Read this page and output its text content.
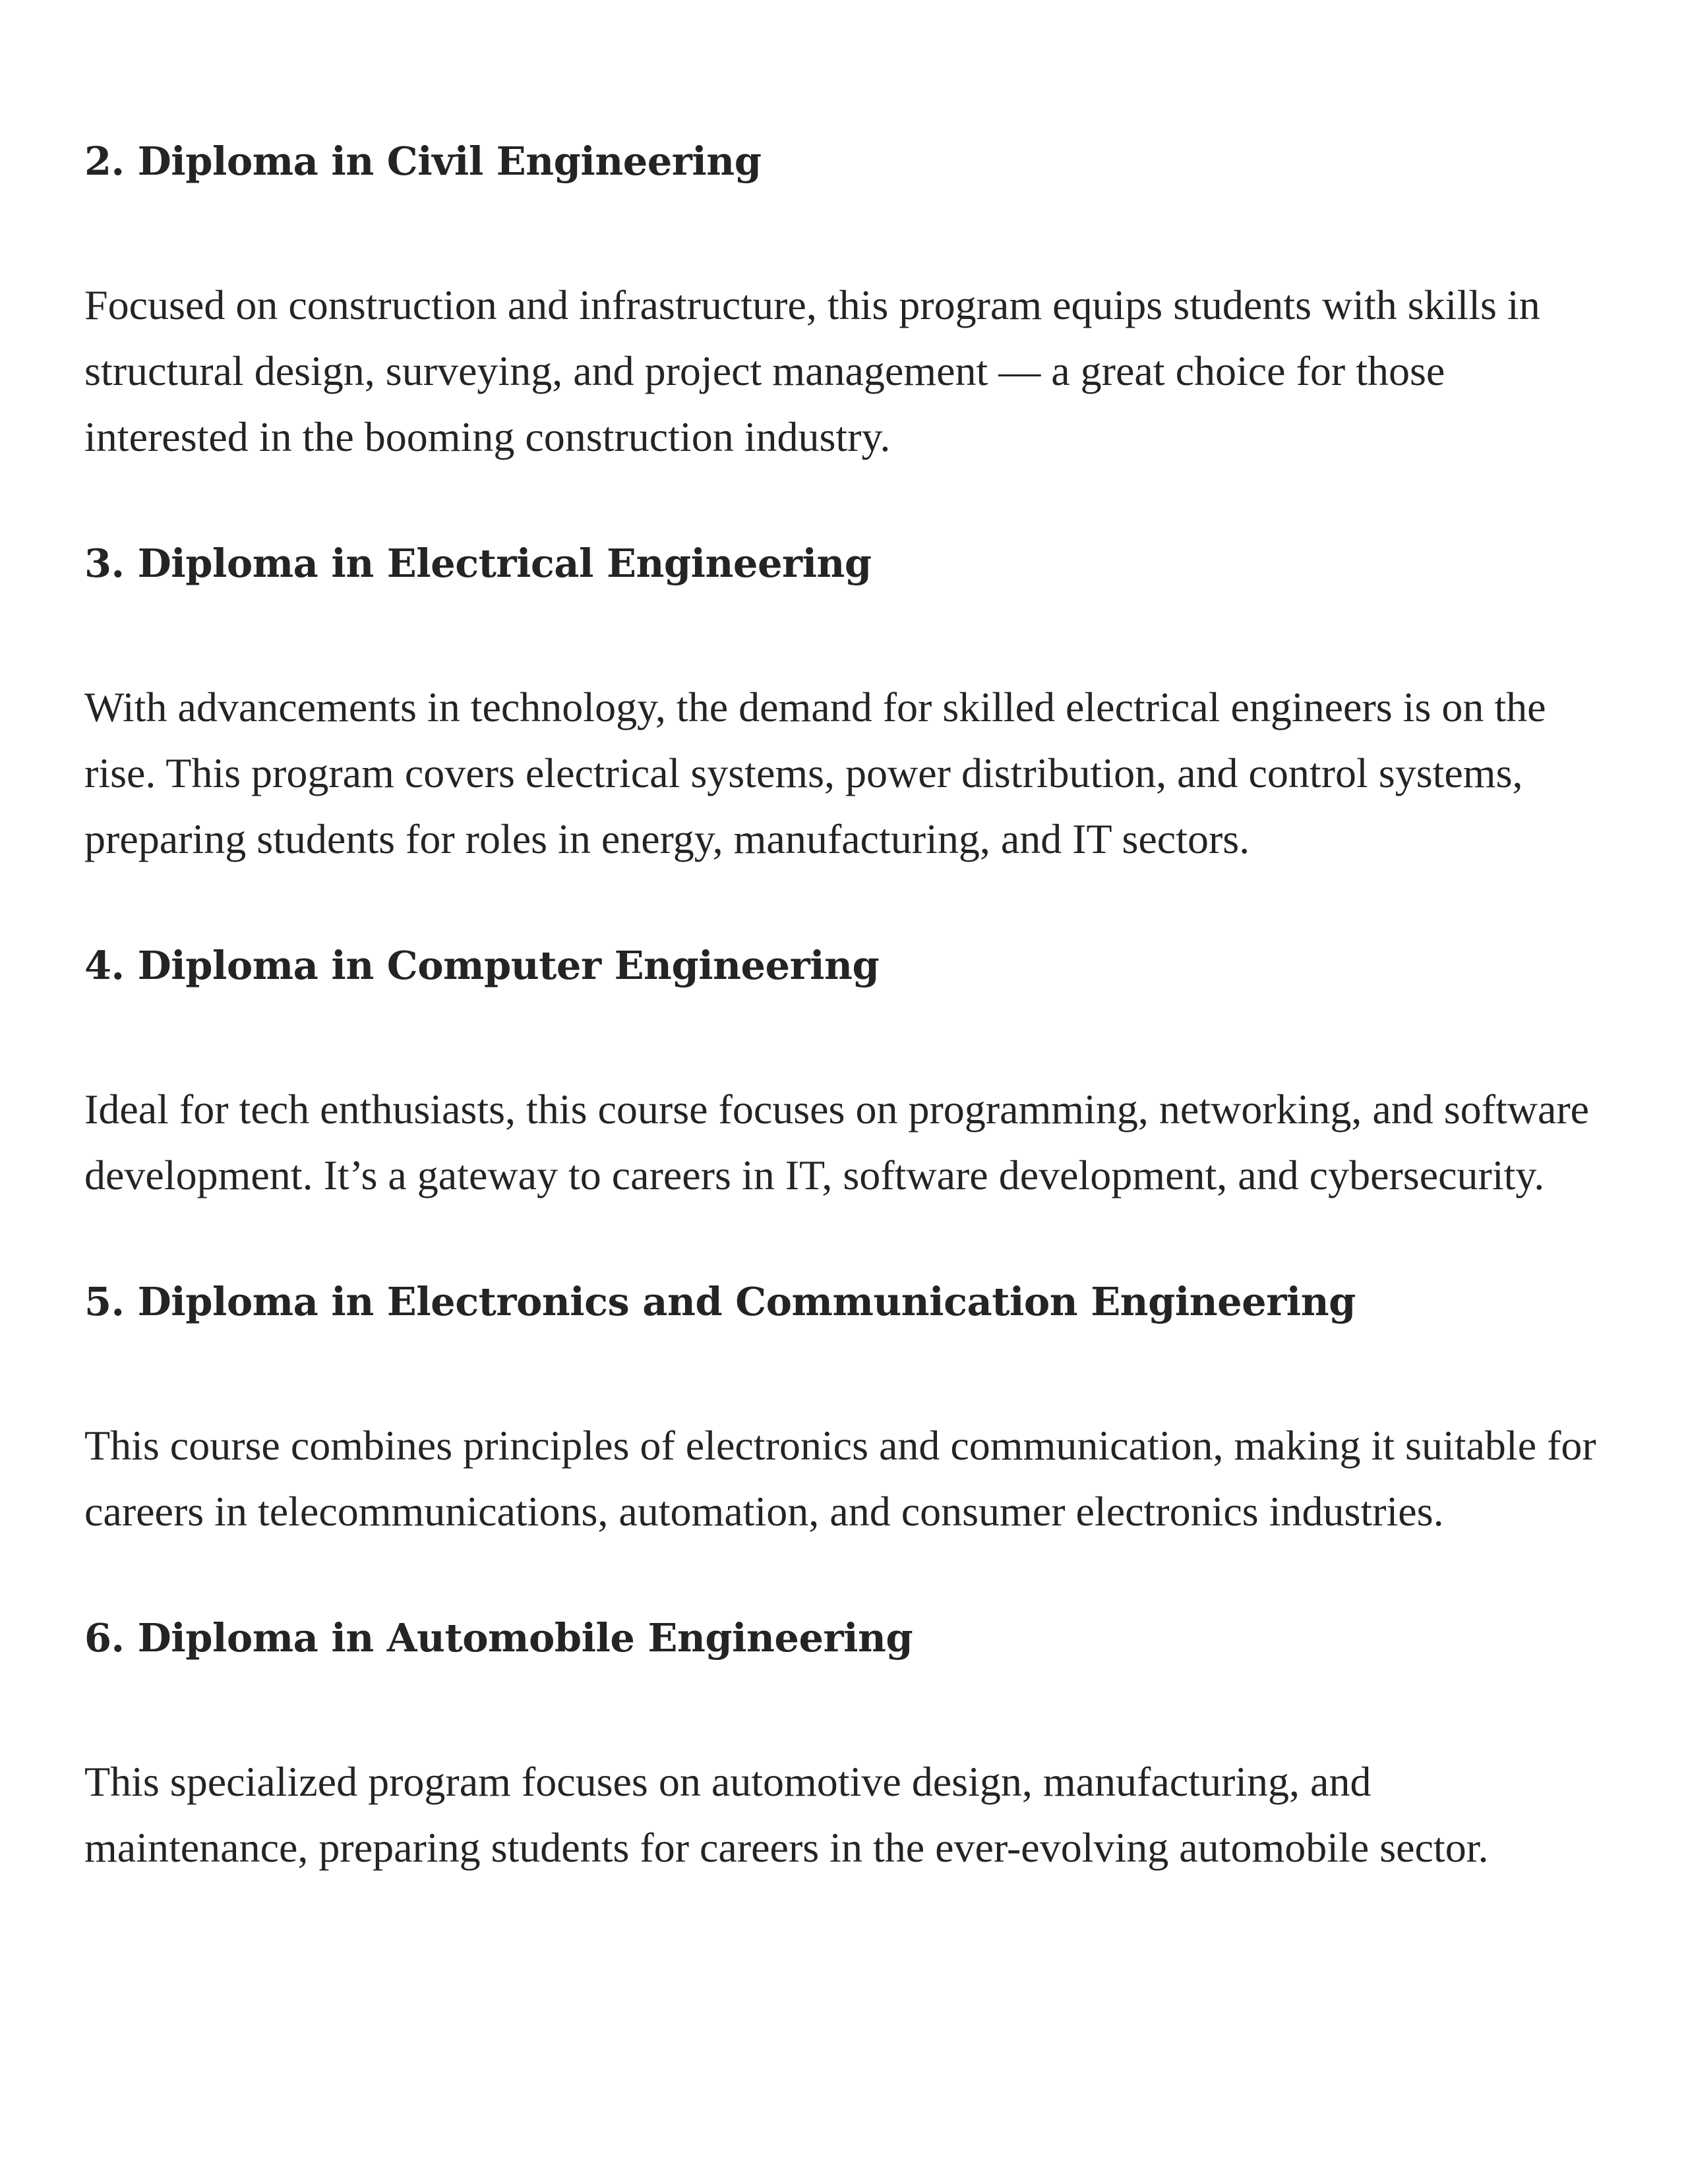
2. Diploma in Civil Engineering

Focused on construction and infrastructure, this program equips students with skills in structural design, surveying, and project management — a great choice for those interested in the booming construction industry.

3. Diploma in Electrical Engineering

With advancements in technology, the demand for skilled electrical engineers is on the rise. This program covers electrical systems, power distribution, and control systems, preparing students for roles in energy, manufacturing, and IT sectors.

4. Diploma in Computer Engineering

Ideal for tech enthusiasts, this course focuses on programming, networking, and software development. It’s a gateway to careers in IT, software development, and cybersecurity.

5. Diploma in Electronics and Communication Engineering

This course combines principles of electronics and communication, making it suitable for careers in telecommunications, automation, and consumer electronics industries.

6. Diploma in Automobile Engineering

This specialized program focuses on automotive design, manufacturing, and maintenance, preparing students for careers in the ever-evolving automobile sector.
